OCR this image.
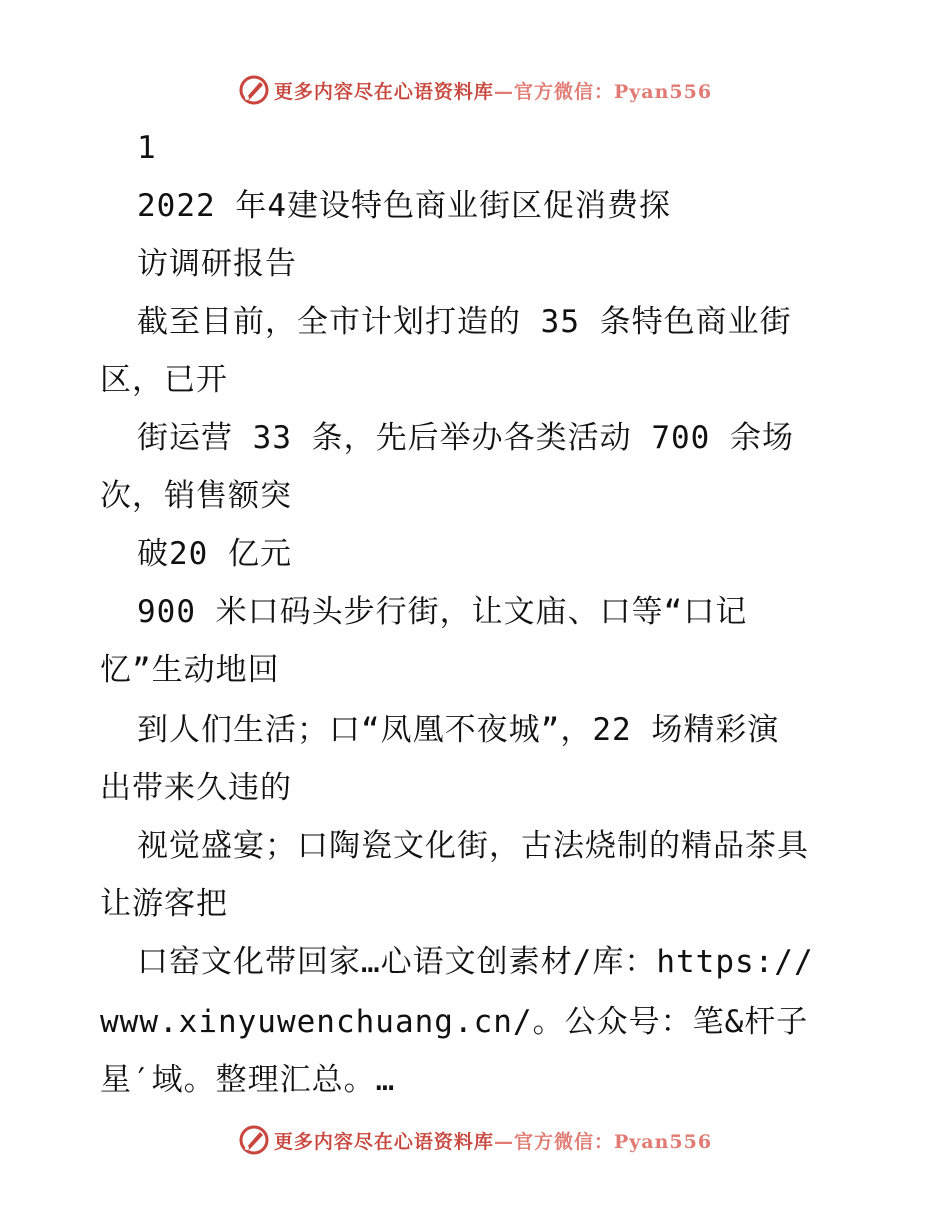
更多内容尽在心语资料库—官方微信：Pyan556
1
2022 年4建设特色商业街区促消费探
访调研报告
截至目前，全市计划打造的 35 条特色商业街
区，已开
街运营 33 条，先后举办各类活动 700 余场
次，销售额突
破20 亿元
900 米口码头步行街，让文庙、口等“口记
忆”生动地回
到人们生活；口“凤凰不夜城”，22 场精彩演
出带来久违的
视觉盛宴；口陶瓷文化街，古法烧制的精品茶具
让游客把
口窑文化带回家…心语文创素材/库：https://
www.xinyuwenchuang.cn/。公众号：笔&杆子
星′域。整理汇总。…
更多内容尽在心语资料库—官方微信：Pyan556
